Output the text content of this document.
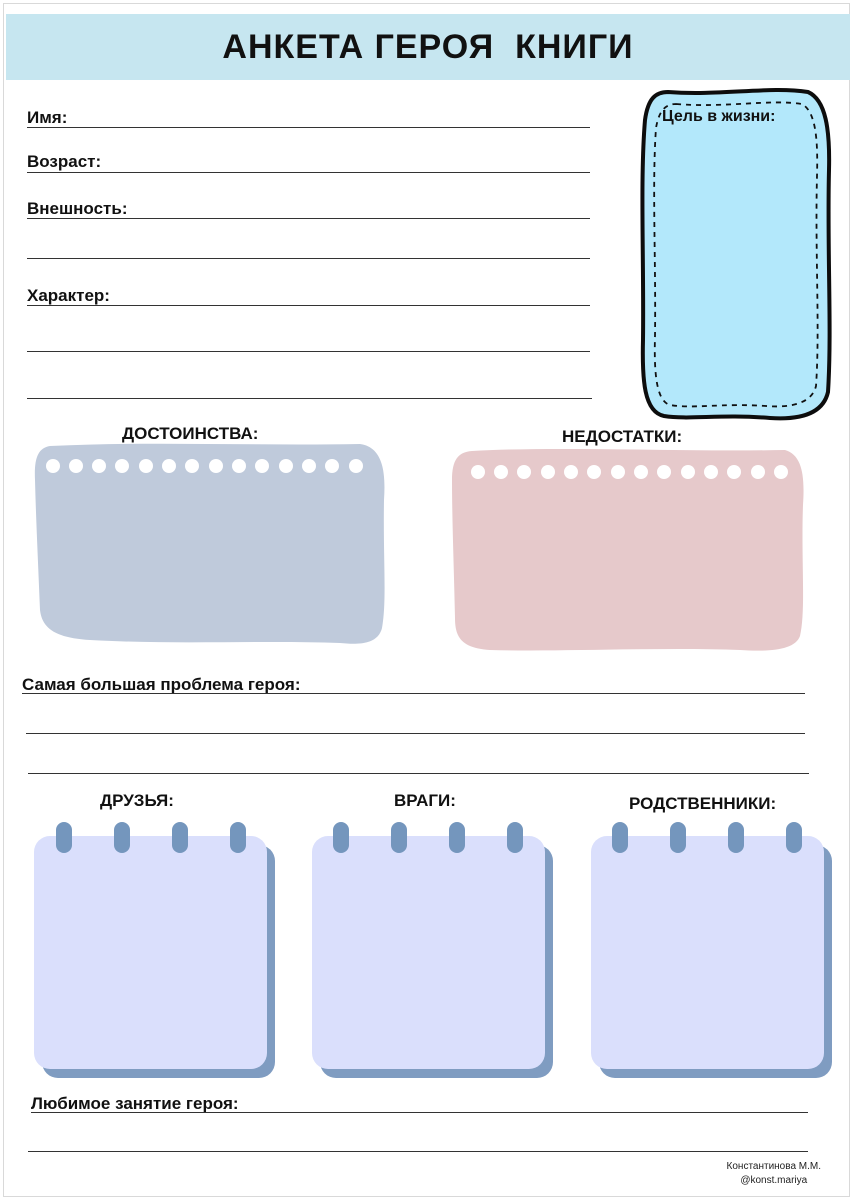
АНКЕТА ГЕРОЯ  КНИГИ
Имя:
Возраст:
Внешность:
Характер:
Цель в жизни:
ДОСТОИНСТВА:	НЕДОСТАТКИ:
Самая большая проблема героя:
ДРУЗЬЯ:	ВРАГИ:	РОДСТВЕННИКИ:
Любимое занятие героя:
Константинова М.М.
@konst.mariya
